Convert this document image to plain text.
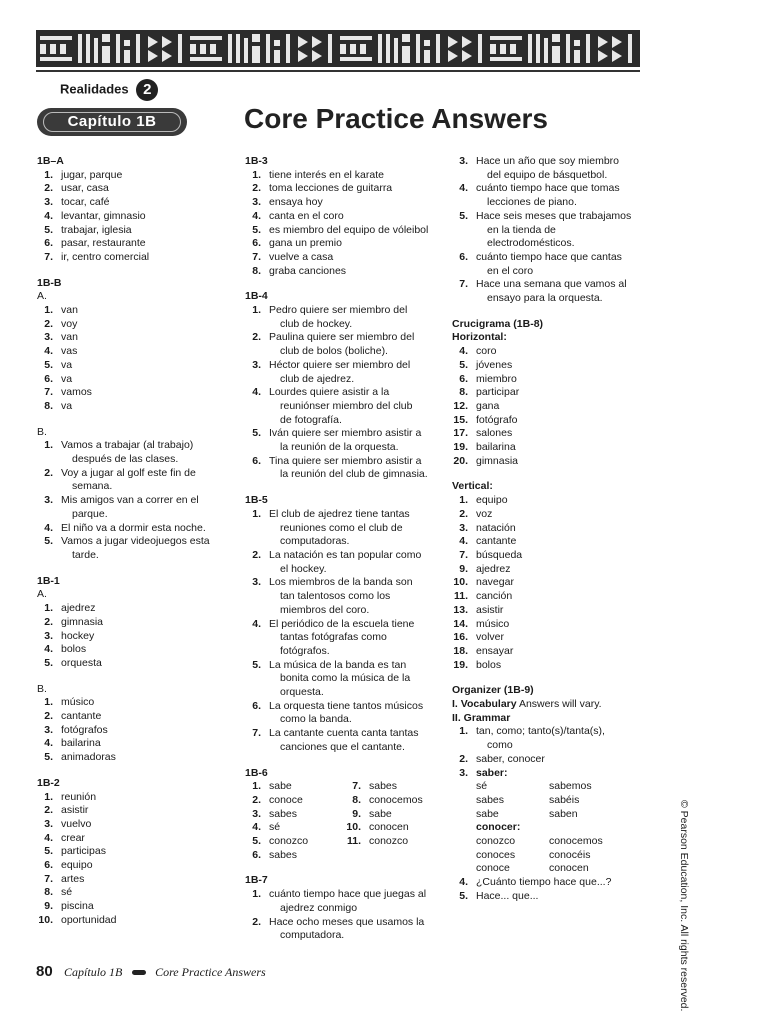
Realidades 2
Capítulo 1B	Core Practice Answers
1B–A
1. jugar, parque
2. usar, casa
3. tocar, café
4. levantar, gimnasio
5. trabajar, iglesia
6. pasar, restaurante
7. ir, centro comercial
1B-B
A.
1. van
2. voy
3. van
4. vas
5. va
6. va
7. vamos
8. va
B.
1. Vamos a trabajar (al trabajo)
después de las clases.
2. Voy a jugar al golf este fin de
semana.
3. Mis amigos van a correr en el
parque.
4. El niño va a dormir esta noche.
5. Vamos a jugar videojuegos esta
tarde.
1B-1
A.
1. ajedrez
2. gimnasia
3. hockey
4. bolos
5. orquesta
B.
1. músico
2. cantante
3. fotógrafos
4. bailarina
5. animadoras
1B-2
1. reunión
2. asistir
3. vuelvo
4. crear
5. participas
6. equipo
7. artes
8. sé
9. piscina
10. oportunidad
1B-3
1. tiene interés en el karate
2. toma lecciones de guitarra
3. ensaya hoy
4. canta en el coro
5. es miembro del equipo de vóleibol
6. gana un premio
7. vuelve a casa
8. graba canciones
1B-4
1. Pedro quiere ser miembro del
club de hockey.
2. Paulina quiere ser miembro del
club de bolos (boliche).
3. Héctor quiere ser miembro del
club de ajedrez.
4. Lourdes quiere asistir a la
reuniónser miembro del club
de fotografía.
5. Iván quiere ser miembro asistir a
la reunión de la orquesta.
6. Tina quiere ser miembro asistir a
la reunión del club de gimnasia.
1B-5
1. El club de ajedrez tiene tantas
reuniones como el club de
computadoras.
2. La natación es tan popular como
el hockey.
3. Los miembros de la banda son
tan talentosos como los
miembros del coro.
4. El periódico de la escuela tiene
tantas fotógrafas como
fotógrafos.
5. La música de la banda es tan
bonita como la música de la
orquesta.
6. La orquesta tiene tantos músicos
como la banda.
7. La cantante cuenta canta tantas
canciones que el cantante.
1B-6
1. sabe	7. sabes
2. conoce	8. conocemos
3. sabes	9. sabe
4. sé	10. conocen
5. conozco	11. conozco
6. sabes
1B-7
1. cuánto tiempo hace que juegas al
ajedrez conmigo
2. Hace ocho meses que usamos la
computadora.
3. Hace un año que soy miembro
del equipo de básquetbol.
4. cuánto tiempo hace que tomas
lecciones de piano.
5. Hace seis meses que trabajamos
en la tienda de
electrodomésticos.
6. cuánto tiempo hace que cantas
en el coro
7. Hace una semana que vamos al
ensayo para la orquesta.
Crucigrama (1B-8)
Horizontal:
4. coro
5. jóvenes
6. miembro
8. participar
12. gana
15. fotógrafo
17. salones
19. bailarina
20. gimnasia
Vertical:
1. equipo
2. voz
3. natación
4. cantante
7. búsqueda
9. ajedrez
10. navegar
11. canción
13. asistir
14. músico
16. volver
18. ensayar
19. bolos
Organizer (1B-9)
I. Vocabulary Answers will vary.
II. Grammar
1. tan, como; tanto(s)/tanta(s),
como
2. saber, conocer
3. saber:
sé	sabemos
sabes	sabéis
sabe	saben
conocer:
conozco	conocemos
conoces	conocéis
conoce	conocen
4. ¿Cuánto tiempo hace que...?
5. Hace... que...
80 Capítulo 1B	Core Practice Answers	© Pearson Education, Inc. All rights reserved.
